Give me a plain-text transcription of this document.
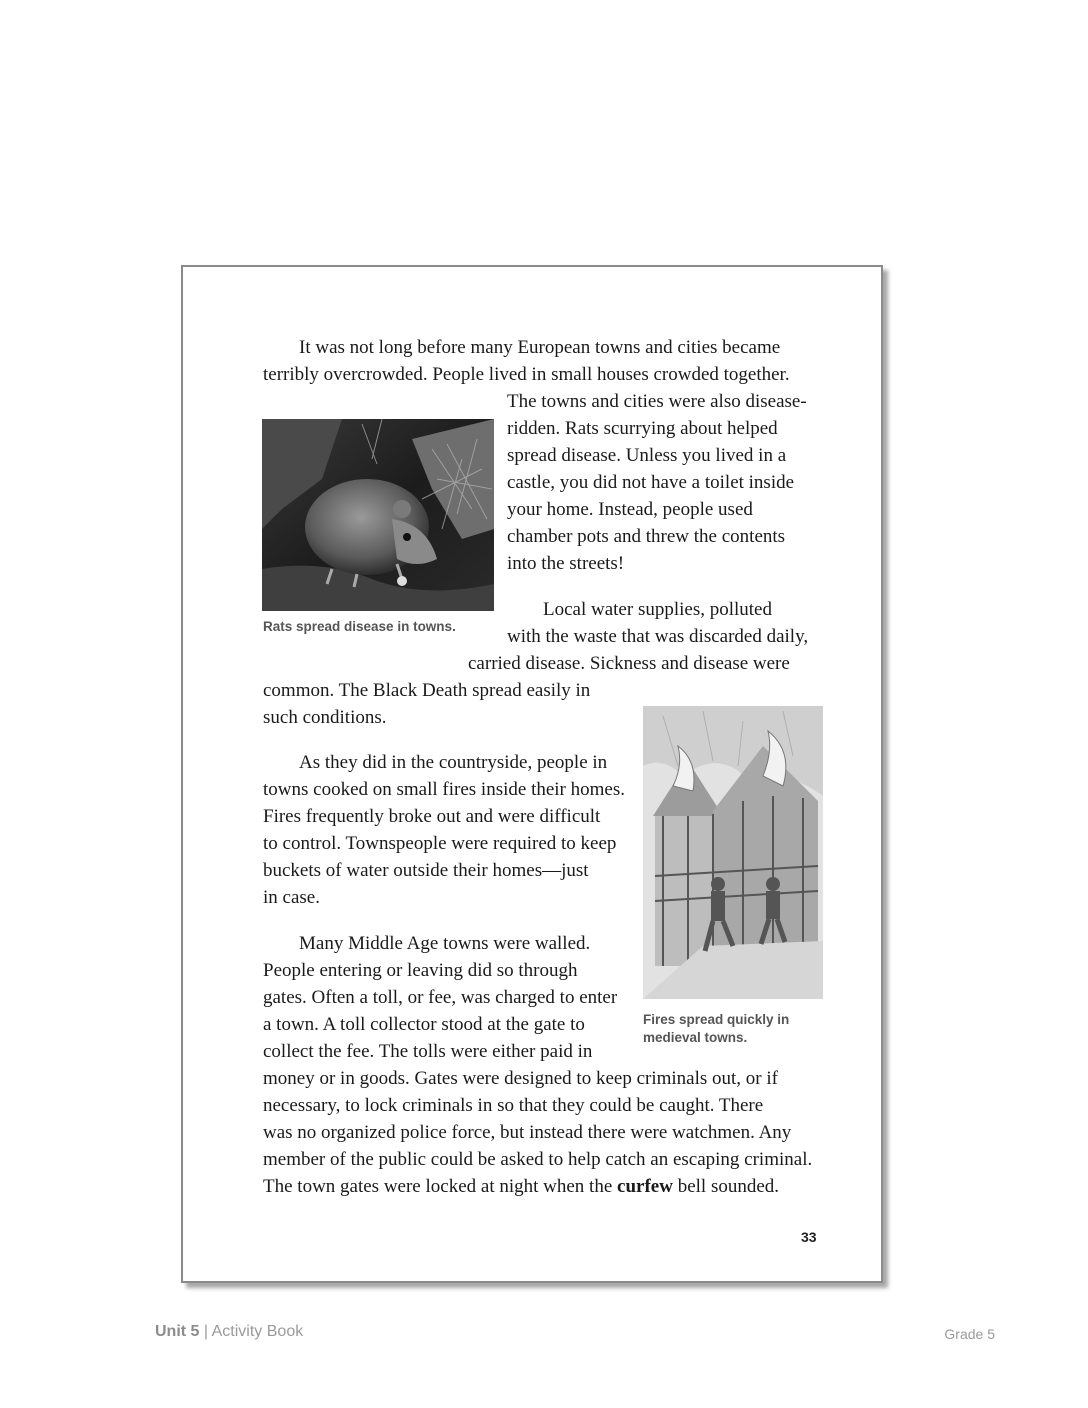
It was not long before many European towns and cities became

terribly overcrowded. People lived in small houses crowded together.

The towns and cities were also disease-

ridden. Rats scurrying about helped

spread disease. Unless you lived in a

castle, you did not have a toilet inside

your home. Instead, people used

chamber pots and threw the contents

into the streets!

Local water supplies, polluted

with the waste that was discarded daily,

carried disease. Sickness and disease were

common. The Black Death spread easily in

such conditions.

As they did in the countryside, people in

towns cooked on small fires inside their homes.

Fires frequently broke out and were difficult

to control. Townspeople were required to keep

buckets of water outside their homes—just

in case.

Many Middle Age towns were walled.

People entering or leaving did so through

gates. Often a toll, or fee, was charged to enter

a town. A toll collector stood at the gate to

collect the fee. The tolls were either paid in

money or in goods. Gates were designed to keep criminals out, or if

necessary, to lock criminals in so that they could be caught. There

was no organized police force, but instead there were watchmen. Any

member of the public could be asked to help catch an escaping criminal.

The town gates were locked at night when the curfew bell sounded.

Rats spread disease in towns.
Fires spread quickly in
medieval towns.
33
Unit 5 | Activity Book	Grade 5
